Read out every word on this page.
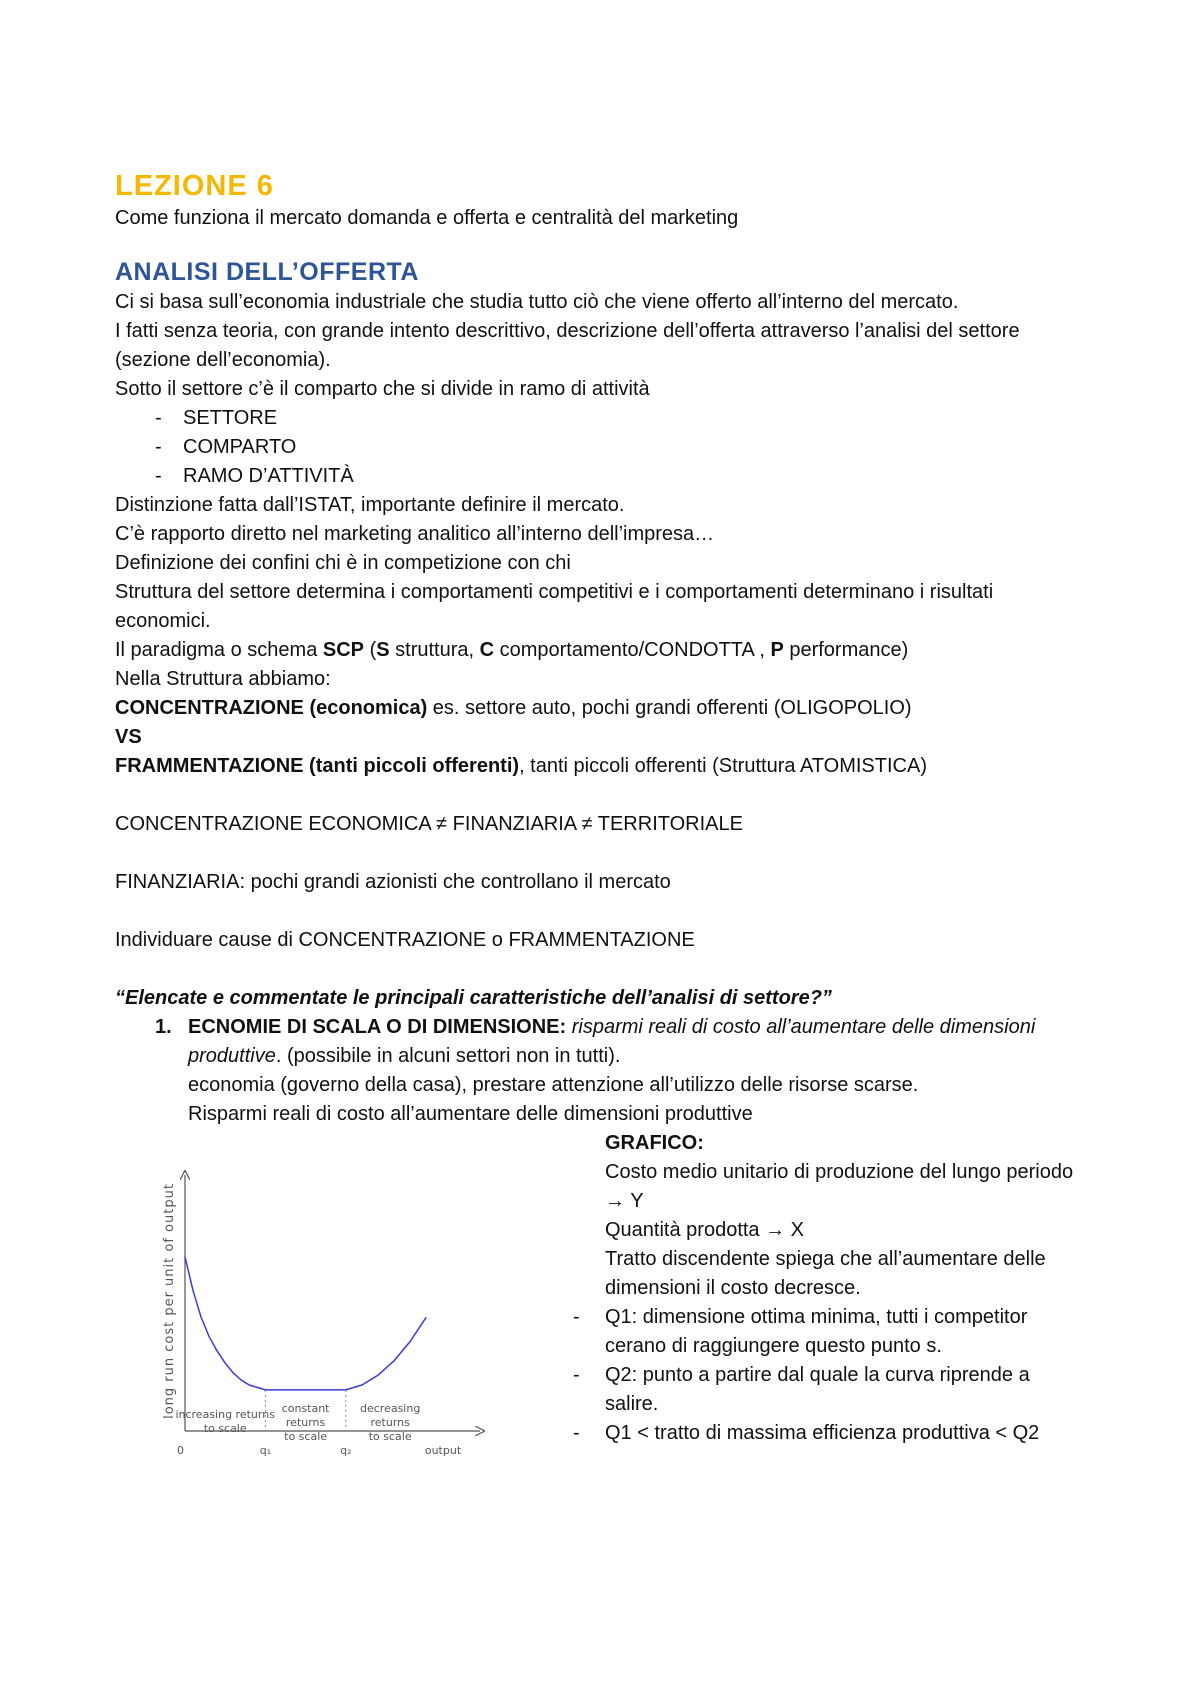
LEZIONE 6
Come funziona il mercato domanda e offerta e centralità del marketing
ANALISI DELL’OFFERTA

Ci si basa sull’economia industriale che studia tutto ciò che viene offerto all’interno del mercato.

I fatti senza teoria, con grande intento descrittivo, descrizione dell’offerta attraverso l’analisi del settore (sezione dell’economia).

Sotto il settore c’è il comparto che si divide in ramo di attività

- SETTORE
- COMPARTO
- RAMO D’ATTIVITÀ

Distinzione fatta dall’ISTAT, importante definire il mercato.

C’è rapporto diretto nel marketing analitico all’interno dell’impresa…

Definizione dei confini chi è in competizione con chi

Struttura del settore determina i comportamenti competitivi e i comportamenti determinano i risultati economici.

Il paradigma o schema SCP (S struttura, C comportamento/CONDOTTA , P performance)

Nella Struttura abbiamo:

CONCENTRAZIONE (economica) es. settore auto, pochi grandi offerenti (OLIGOPOLIO)

VS

FRAMMENTAZIONE (tanti piccoli offerenti), tanti piccoli offerenti (Struttura ATOMISTICA)

CONCENTRAZIONE ECONOMICA ≠ FINANZIARIA ≠ TERRITORIALE

FINANZIARIA: pochi grandi azionisti che controllano il mercato

Individuare cause di CONCENTRAZIONE o FRAMMENTAZIONE

“Elencate e commentate le principali caratteristiche dell’analisi di settore?”

1. ECNOMIE DI SCALA O DI DIMENSIONE: risparmi reali di costo all’aumentare delle dimensioni produttive. (possibile in alcuni settori non in tutti).
economia (governo della casa), prestare attenzione all’utilizzo delle risorse scarse.
Risparmi reali di costo all’aumentare delle dimensioni produttive
long run cost per unit of output
0	q₁	q₂	output
increasing returns to scale
constant returns to scale
decreasing returns to scale

GRAFICO:

Costo medio unitario di produzione del lungo periodo → Y

Quantità prodotta → X

Tratto discendente spiega che all’aumentare delle dimensioni il costo decresce.

- Q1: dimensione ottima minima, tutti i competitor cerano di raggiungere questo punto s.
- Q2: punto a partire dal quale la curva riprende a salire.
- Q1 < tratto di massima efficienza produttiva < Q2
